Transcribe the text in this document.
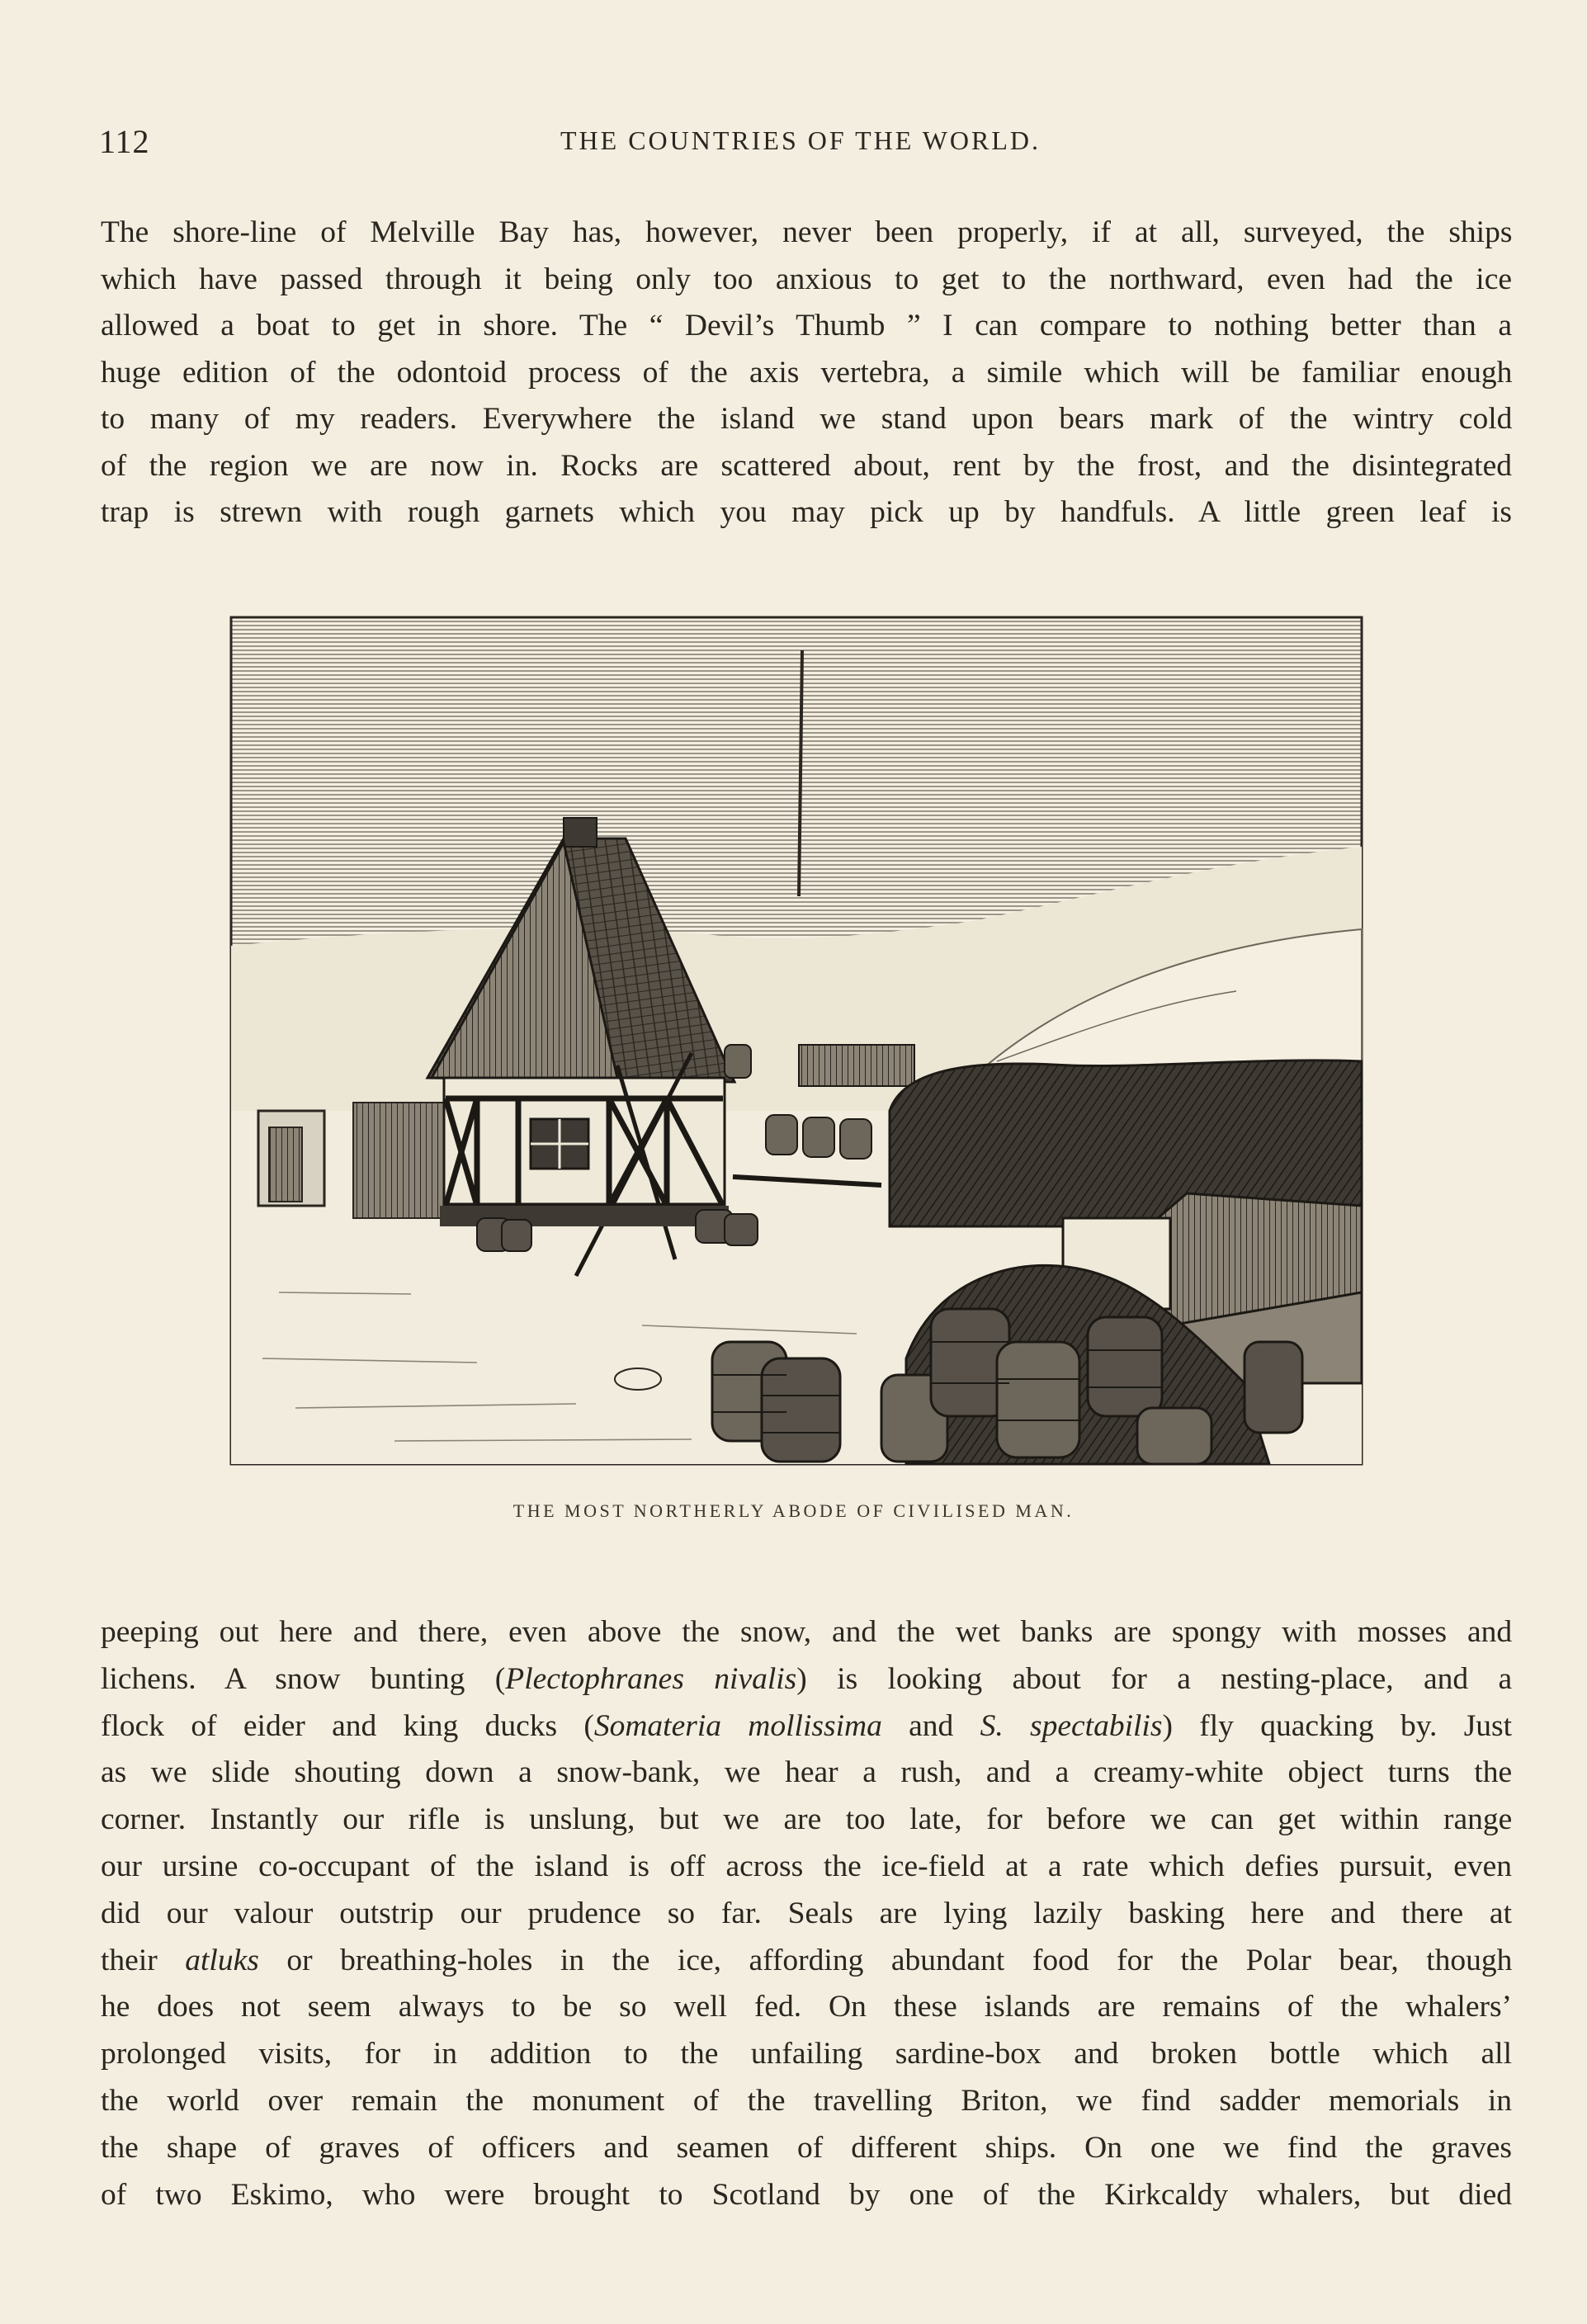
112	THE COUNTRIES OF THE WORLD.
The shore-line of Melville Bay has, however, never been properly, if at all, surveyed, the ships
which have passed through it being only too anxious to get to the northward, even had the ice
allowed a boat to get in shore. The “ Devil’s Thumb ” I can compare to nothing better than a
huge edition of the odontoid process of the axis vertebra, a simile which will be familiar enough
to many of my readers. Everywhere the island we stand upon bears mark of the wintry cold
of the region we are now in. Rocks are scattered about, rent by the frost, and the disintegrated
trap is strewn with rough garnets which you may pick up by handfuls. A little green leaf is
THE MOST NORTHERLY ABODE OF CIVILISED MAN.
peeping out here and there, even above the snow, and the wet banks are spongy with mosses and
lichens. A snow bunting (Plectophranes nivalis) is looking about for a nesting-place, and a
flock of eider and king ducks (Somateria mollissima and S. spectabilis) fly quacking by. Just
as we slide shouting down a snow-bank, we hear a rush, and a creamy-white object turns the
corner. Instantly our rifle is unslung, but we are too late, for before we can get within range
our ursine co-occupant of the island is off across the ice-field at a rate which defies pursuit, even
did our valour outstrip our prudence so far. Seals are lying lazily basking here and there at
their atluks or breathing-holes in the ice, affording abundant food for the Polar bear, though
he does not seem always to be so well fed. On these islands are remains of the whalers’
prolonged visits, for in addition to the unfailing sardine-box and broken bottle which all
the world over remain the monument of the travelling Briton, we find sadder memorials in
the shape of graves of officers and seamen of different ships. On one we find the graves
of two Eskimo, who were brought to Scotland by one of the Kirkcaldy whalers, but died
